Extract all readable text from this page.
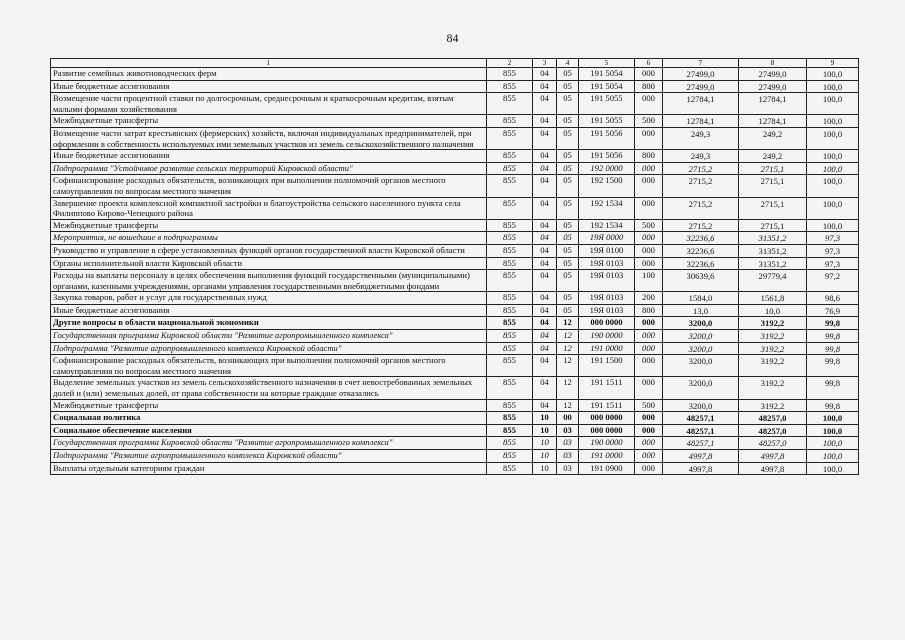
84
1	2	3	4	5	6	7	8	9
Развитие семейных животноводческих ферм	855	04	05	191 5054	000	27499,0	27499,0	100,0
Иные бюджетные ассигнования	855	04	05	191 5054	800	27499,0	27499,0	100,0
Возмещение части процентной ставки по долгосрочным, среднесрочным и краткосрочным кредитам, взятым малыми формами хозяйствования	855	04	05	191 5055	000	12784,1	12784,1	100,0
Межбюджетные трансферты	855	04	05	191 5055	500	12784,1	12784,1	100,0
Возмещение части затрат крестьянских (фермерских) хозяйств, включая индивидуальных предпринимателей, при оформлении в собственность используемых ими земельных участков из земель сельскохозяйственного назначения	855	04	05	191 5056	000	249,3	249,2	100,0
Иные бюджетные ассигнования	855	04	05	191 5056	800	249,3	249,2	100,0
Подпрограмма "Устойчивое развитие сельских территорий Кировской области"	855	04	05	192 0000	000	2715,2	2715,1	100,0
Софинансирование расходных обязательств, возникающих при выполнении полномочий органов местного самоуправления по вопросам местного значения	855	04	05	192 1500	000	2715,2	2715,1	100,0
Завершение проекта комплексной компактной застройки и благоустройства сельского населенного пункта села Филиппово Кирово-Чепецкого района	855	04	05	192 1534	000	2715,2	2715,1	100,0
Межбюджетные трансферты	855	04	05	192 1534	500	2715,2	2715,1	100,0
Мероприятия, не вошедшие в подпрограммы	855	04	05	19Я 0000	000	32236,6	31351,2	97,3
Руководство и управление в сфере установленных функций органов государственной власти Кировской области	855	04	05	19Я 0100	000	32236,6	31351,2	97,3
Органы исполнительной власти Кировской области	855	04	05	19Я 0103	000	32236,6	31351,2	97,3
Расходы на выплаты персоналу в целях обеспечения выполнения функций государственными (муниципальными) органами, казенными учреждениями, органами управления государственными внебюджетными фондами	855	04	05	19Я 0103	100	30639,6	29779,4	97,2
Закупка товаров, работ и услуг для государственных нужд	855	04	05	19Я 0103	200	1584,0	1561,8	98,6
Иные бюджетные ассигнования	855	04	05	19Я 0103	800	13,0	10,0	76,9
Другие вопросы в области национальной экономики	855	04	12	000 0000	000	3200,0	3192,2	99,8
Государственная программа Кировской области "Развитие агропромышленного комплекса"	855	04	12	190 0000	000	3200,0	3192,2	99,8
Подпрограмма "Развитие агропромышленного комплекса Кировской области"	855	04	12	191 0000	000	3200,0	3192,2	99,8
Софинансирование расходных обязательств, возникающих при выполнении полномочий органов местного самоуправления по вопросам местного значения	855	04	12	191 1500	000	3200,0	3192,2	99,8
Выделение земельных участков из земель сельскохозяйственного назначения в счет невостребованных земельных долей и (или) земельных долей, от права собственности на которые граждане отказались	855	04	12	191 1511	000	3200,0	3192,2	99,8
Межбюджетные трансферты	855	04	12	191 1511	500	3200,0	3192,2	99,8
Социальная политика	855	10	00	000 0000	000	48257,1	48257,0	100,0
Социальное обеспечение населения	855	10	03	000 0000	000	48257,1	48257,0	100,0
Государственная программа Кировской области "Развитие агропромышленного комплекса"	855	10	03	190 0000	000	48257,1	48257,0	100,0
Подпрограмма "Развитие агропромышленного комплекса Кировской области"	855	10	03	191 0000	000	4997,8	4997,8	100,0
Выплаты отдельным категориям граждан	855	10	03	191 0900	000	4997,8	4997,8	100,0
